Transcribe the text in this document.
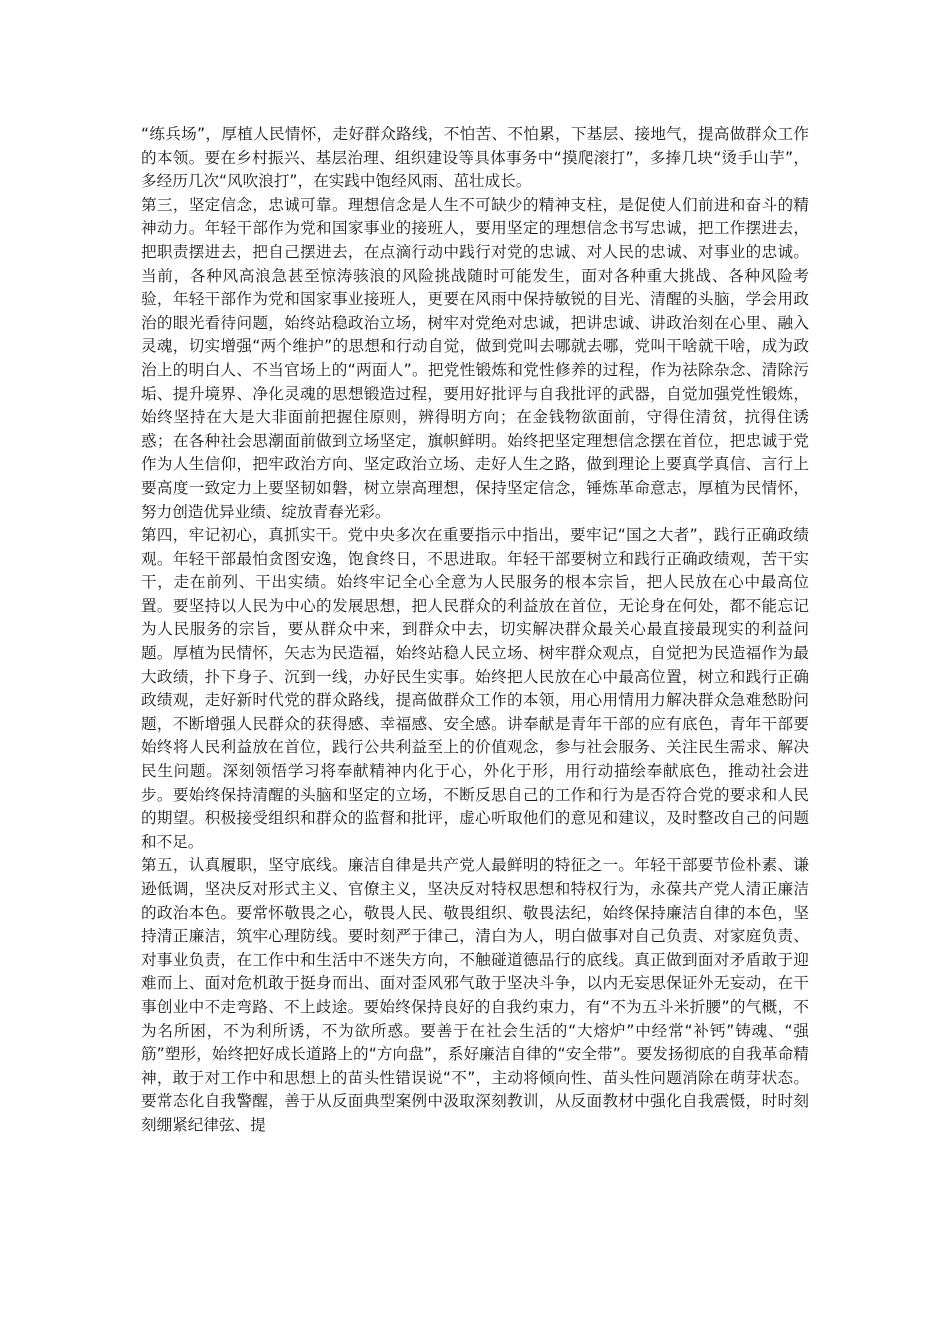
“练兵场”，厚植人民情怀，走好群众路线，不怕苦、不怕累，下基层、接地气，提高做群众工作的本领。要在乡村振兴、基层治理、组织建设等具体事务中“摸爬滚打”，多捧几块“烫手山芋”，多经历几次“风吹浪打”，在实践中饱经风雨、茁壮成长。

第三，坚定信念，忠诚可靠。理想信念是人生不可缺少的精神支柱，是促使人们前进和奋斗的精神动力。年轻干部作为党和国家事业的接班人，要用坚定的理想信念书写忠诚，把工作摆进去，把职责摆进去，把自己摆进去，在点滴行动中践行对党的忠诚、对人民的忠诚、对事业的忠诚。当前，各种风高浪急甚至惊涛骇浪的风险挑战随时可能发生，面对各种重大挑战、各种风险考验，年轻干部作为党和国家事业接班人，更要在风雨中保持敏锐的目光、清醒的头脑，学会用政治的眼光看待问题，始终站稳政治立场，树牢对党绝对忠诚，把讲忠诚、讲政治刻在心里、融入灵魂，切实增强“两个维护”的思想和行动自觉，做到党叫去哪就去哪，党叫干啥就干啥，成为政治上的明白人、不当官场上的“两面人”。把党性锻炼和党性修养的过程，作为祛除杂念、清除污垢、提升境界、净化灵魂的思想锻造过程，要用好批评与自我批评的武器，自觉加强党性锻炼，始终坚持在大是大非面前把握住原则，辨得明方向；在金钱物欲面前，守得住清贫，抗得住诱惑；在各种社会思潮面前做到立场坚定，旗帜鲜明。始终把坚定理想信念摆在首位，把忠诚于党作为人生信仰，把牢政治方向、坚定政治立场、走好人生之路，做到理论上要真学真信、言行上要高度一致定力上要坚韧如磐，树立崇高理想，保持坚定信念，锤炼革命意志，厚植为民情怀，努力创造优异业绩、绽放青春光彩。

第四，牢记初心，真抓实干。党中央多次在重要指示中指出，要牢记“国之大者”，践行正确政绩观。年轻干部最怕贪图安逸，饱食终日，不思进取。年轻干部要树立和践行正确政绩观，苦干实干，走在前列、干出实绩。始终牢记全心全意为人民服务的根本宗旨，把人民放在心中最高位置。要坚持以人民为中心的发展思想，把人民群众的利益放在首位，无论身在何处，都不能忘记为人民服务的宗旨，要从群众中来，到群众中去，切实解决群众最关心最直接最现实的利益问题。厚植为民情怀，矢志为民造福，始终站稳人民立场、树牢群众观点，自觉把为民造福作为最大政绩，扑下身子、沉到一线，办好民生实事。始终把人民放在心中最高位置，树立和践行正确政绩观，走好新时代党的群众路线，提高做群众工作的本领，用心用情用力解决群众急难愁盼问题，不断增强人民群众的获得感、幸福感、安全感。讲奉献是青年干部的应有底色，青年干部要始终将人民利益放在首位，践行公共利益至上的价值观念，参与社会服务、关注民生需求、解决民生问题。深刻领悟学习将奉献精神内化于心，外化于形，用行动描绘奉献底色，推动社会进步。要始终保持清醒的头脑和坚定的立场，不断反思自己的工作和行为是否符合党的要求和人民的期望。积极接受组织和群众的监督和批评，虚心听取他们的意见和建议，及时整改自己的问题和不足。

第五，认真履职，坚守底线。廉洁自律是共产党人最鲜明的特征之一。年轻干部要节俭朴素、谦逊低调，坚决反对形式主义、官僚主义，坚决反对特权思想和特权行为，永葆共产党人清正廉洁的政治本色。要常怀敬畏之心，敬畏人民、敬畏组织、敬畏法纪，始终保持廉洁自律的本色，坚持清正廉洁，筑牢心理防线。要时刻严于律己，清白为人，明白做事对自己负责、对家庭负责、对事业负责，在工作中和生活中不迷失方向，不触碰道德品行的底线。真正做到面对矛盾敢于迎难而上、面对危机敢于挺身而出、面对歪风邪气敢于坚决斗争，以内无妄思保证外无妄动，在干事创业中不走弯路、不上歧途。要始终保持良好的自我约束力，有“不为五斗米折腰”的气概，不为名所困，不为利所诱，不为欲所惑。要善于在社会生活的“大熔炉”中经常“补钙”铸魂、“强筋”塑形，始终把好成长道路上的“方向盘”，系好廉洁自律的“安全带”。要发扬彻底的自我革命精神，敢于对工作中和思想上的苗头性错误说“不”，主动将倾向性、苗头性问题消除在萌芽状态。要常态化自我警醒，善于从反面典型案例中汲取深刻教训，从反面教材中强化自我震慑，时时刻刻绷紧纪律弦、提
